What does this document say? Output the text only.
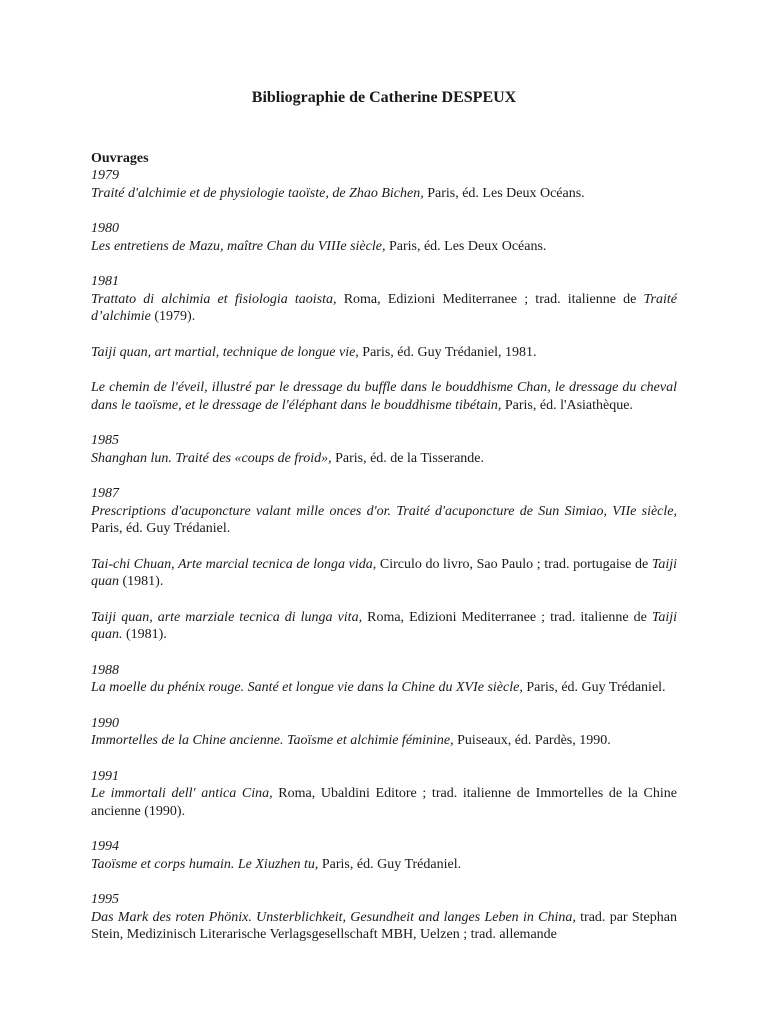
Bibliographie de Catherine DESPEUX
Ouvrages
1979
Traité d'alchimie et de physiologie taoïste, de Zhao Bichen, Paris, éd. Les Deux Océans.
1980
Les entretiens de Mazu, maître Chan du VIIIe siècle, Paris, éd. Les Deux Océans.
1981
Trattato di alchimia et fisiologia taoista, Roma, Edizioni Mediterranee ; trad. italienne de Traité d’alchimie (1979).
Taiji quan, art martial, technique de longue vie, Paris, éd. Guy Trédaniel, 1981.
Le chemin de l'éveil, illustré par le dressage du buffle dans le bouddhisme Chan, le dressage du cheval dans le taoïsme, et le dressage de l'éléphant dans le bouddhisme tibétain, Paris, éd. l'Asiathèque.
1985
Shanghan lun. Traité des «coups de froid», Paris, éd. de la Tisserande.
1987
Prescriptions d'acuponcture valant mille onces d'or. Traité d'acuponcture de Sun Simiao, VIIe siècle, Paris, éd. Guy Trédaniel.
Tai-chi Chuan, Arte marcial tecnica de longa vida, Circulo do livro, Sao Paulo ; trad. portugaise de Taiji quan (1981).
Taiji quan, arte marziale tecnica di lunga vita, Roma, Edizioni Mediterranee ; trad. italienne de Taiji quan. (1981).
1988
La moelle du phénix rouge. Santé et longue vie dans la Chine du XVIe siècle, Paris, éd. Guy Trédaniel.
1990
Immortelles de la Chine ancienne. Taoïsme et alchimie féminine, Puiseaux, éd. Pardès, 1990.
1991
Le immortali dell' antica Cina, Roma, Ubaldini Editore ; trad. italienne de Immortelles de la Chine ancienne (1990).
1994
Taoïsme et corps humain. Le Xiuzhen tu, Paris, éd. Guy Trédaniel.
1995
Das Mark des roten Phönix. Unsterblichkeit, Gesundheit and langes Leben in China, trad. par Stephan Stein, Medizinisch Literarische Verlagsgesellschaft MBH, Uelzen ; trad. allemande
